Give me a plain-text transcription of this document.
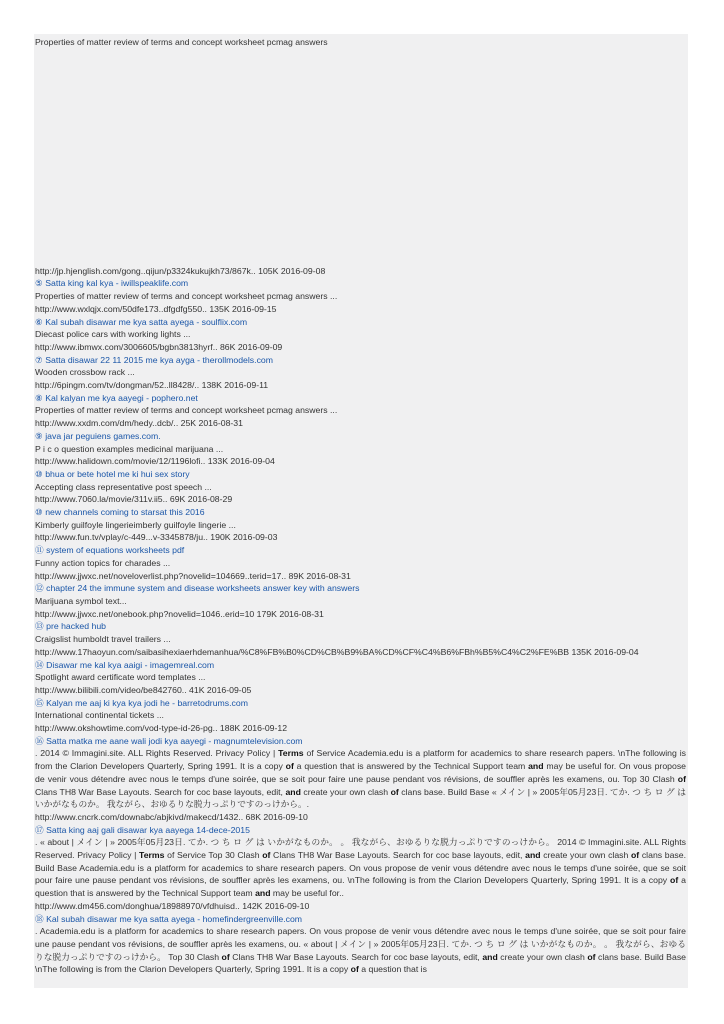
Properties of matter review of terms and concept worksheet pcmag answers
http://jp.hjenglish.com/gong..qijun/p3324kukujkh73/867k.. 105K 2016-09-08
⑤ Satta king kal kya - iwillspeaklife.com
Properties of matter review of terms and concept worksheet pcmag answers ...
http://www.wxlqjx.com/50dfe173..dfgdfg550.. 135K 2016-09-15
⑥ Kal subah disawar me kya satta ayega - soulflix.com
Diecast police cars with working lights ...
http://www.ibmwx.com/3006605/bgbn3813hyrf.. 86K 2016-09-09
⑦ Satta disawar 22 11 2015 me kya ayga - therollmodels.com
Wooden crossbow rack ...
http://6pingm.com/tv/dongman/52..ll8428/.. 138K 2016-09-11
⑧ Kal kalyan me kya aayegi - pophero.net
Properties of matter review of terms and concept worksheet pcmag answers ...
http://www.xxdm.com/dm/hedy..dcb/.. 25K 2016-08-31
⑨ java jar peguiens games.com.
P i c o question examples medicinal marijuana ...
http://www.halidown.com/movie/12/1196lofi.. 133K 2016-09-04
⑩ bhua or bete hotel me ki hui sex story
Accepting class representative post speech ...
http://www.7060.la/movie/311v.ii5.. 69K 2016-08-29
⑩ new channels coming to starsat this 2016
Kimberly guilfoyle lingerieimberly guilfoyle lingerie ...
http://www.fun.tv/vplay/c-449...v-3345878/ju.. 190K 2016-09-03
⑪ system of equations worksheets pdf
Funny action topics for charades ...
http://www.jjwxc.net/noveloverlist.php?novelid=104669..terid=17.. 89K 2016-08-31
⑫ chapter 24 the immune system and disease worksheets answer key with answers
Marijuana symbol text...
http://www.jjwxc.net/onebook.php?novelid=1046..erid=10 179K 2016-08-31
⑬ pre hacked hub
Craigslist humboldt travel trailers ...
http://www.17haoyun.com/saibasihexiaerhdemanhua/%C8%FB%B0%CD%CB%B9%BA%CD%CF%C4%B6%FBh%B5%C4%C2%FE%BB 135K 2016-09-04
⑭ Disawar me kal kya aaigi - imagemreal.com
Spotlight award certificate word templates ...
http://www.bilibili.com/video/be842760.. 41K 2016-09-05
⑮ Kalyan me aaj ki kya kya jodi he - barretodrums.com
International continental tickets ...
http://www.okshowtime.com/vod-type-id-26-pg.. 188K 2016-09-12
⑯ Satta matka me aane wali jodi kya aayegi - magnumtelevision.com
. 2014 © Immagini.site. ALL Rights Reserved. Privacy Policy | Terms of Service Academia.edu is a platform for academics to share research papers. \nThe following is from the Clarion Developers Quarterly, Spring 1991. It is a copy of a question that is answered by the Technical Support team and may be useful for. On vous propose de venir vous détendre avec nous le temps d'une soirée, que se soit pour faire une pause pendant vos révisions, de souffler après les examens, ou. Top 30 Clash of Clans TH8 War Base Layouts. Search for coc base layouts, edit, and create your own clash of clans base. Build Base « メイン | » 2005年05月23日. てか. つ ち ロ グ は いかがなものか。 我ながら、おゆるりな脱力っぷりですのっけから。.
http://www.cncrk.com/downabc/abjkivd/makecd/1432.. 68K 2016-09-10
⑰ Satta king aaj gali disawar kya aayega 14-dece-2015
. « about | メイン | » 2005年05月23日. てか. つ ち ロ グ は いかがなものか。 。 我ながら、おゆるりな脱力っぷりですのっけから。 2014 © Immagini.site. ALL Rights Reserved. Privacy Policy | Terms of Service Top 30 Clash of Clans TH8 War Base Layouts. Search for coc base layouts, edit, and create your own clash of clans base. Build Base Academia.edu is a platform for academics to share research papers. On vous propose de venir vous détendre avec nous le temps d'une soirée, que se soit pour faire une pause pendant vos révisions, de souffler après les examens, ou. \nThe following is from the Clarion Developers Quarterly, Spring 1991. It is a copy of a question that is answered by the Technical Support team and may be useful for..
http://www.dm456.com/donghua/18988970/vfdhuisd.. 142K 2016-09-10
⑱ Kal subah disawar me kya satta ayega - homefindergreenville.com
. Academia.edu is a platform for academics to share research papers. On vous propose de venir vous détendre avec nous le temps d'une soirée, que se soit pour faire une pause pendant vos révisions, de souffler après les examens, ou. « about | メイン | » 2005年05月23日. てか. つ ち ロ グ は いかがなものか。 。 我ながら、おゆるりな脱力っぷりですのっけから。 Top 30 Clash of Clans TH8 War Base Layouts. Search for coc base layouts, edit, and create your own clash of clans base. Build Base \nThe following is from the Clarion Developers Quarterly, Spring 1991. It is a copy of a question that is
